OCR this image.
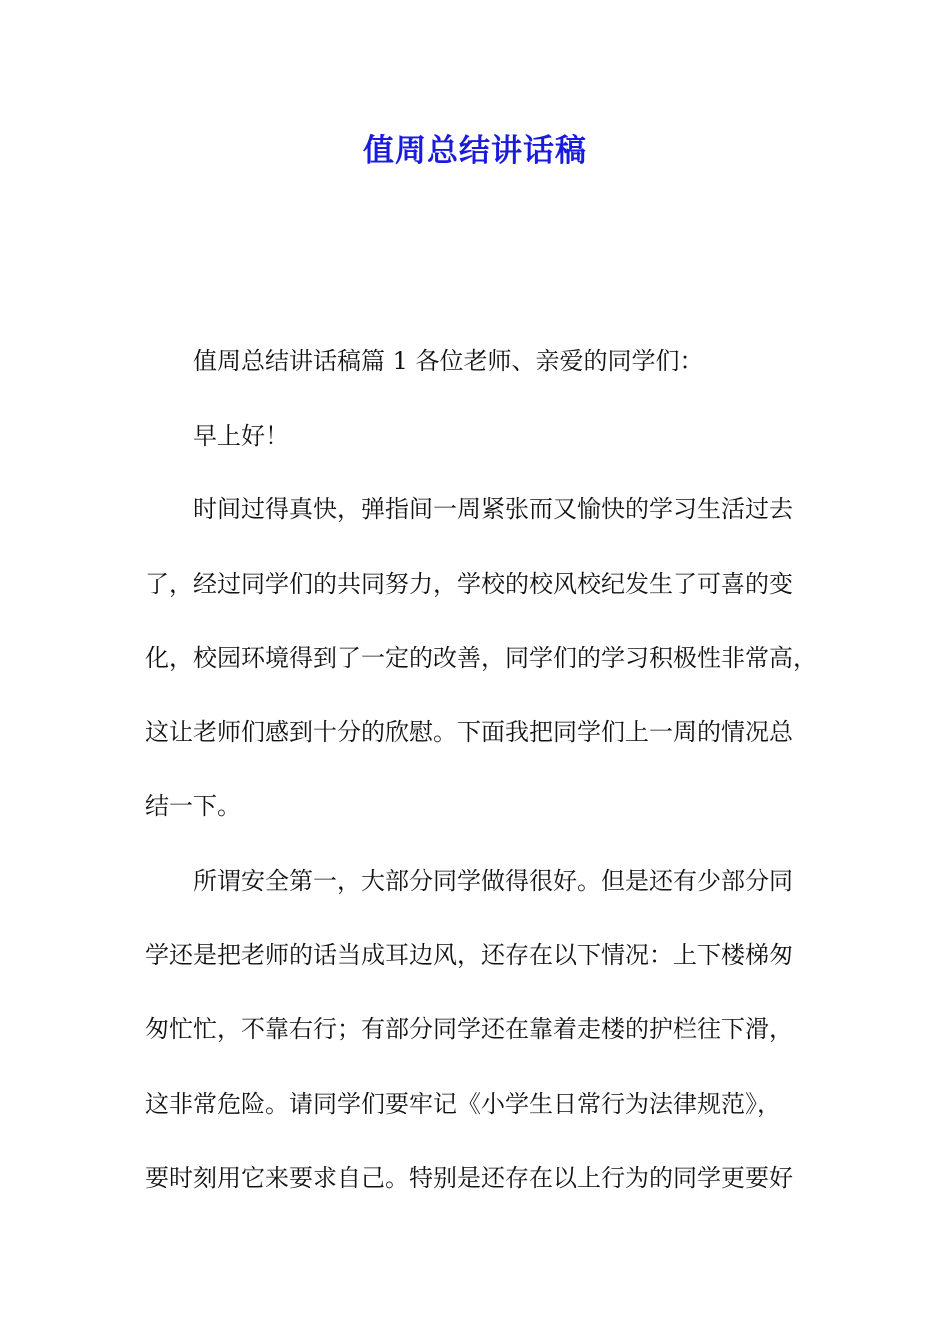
值周总结讲话稿
值周总结讲话稿篇 1 各位老师、亲爱的同学们：
早上好！
时间过得真快，弹指间一周紧张而又愉快的学习生活过去
了，经过同学们的共同努力，学校的校风校纪发生了可喜的变
化，校园环境得到了一定的改善，同学们的学习积极性非常高，
这让老师们感到十分的欣慰。下面我把同学们上一周的情况总
结一下。
所谓安全第一，大部分同学做得很好。但是还有少部分同
学还是把老师的话当成耳边风，还存在以下情况：上下楼梯匆
匆忙忙，不靠右行；有部分同学还在靠着走楼的护栏往下滑，
这非常危险。请同学们要牢记《小学生日常行为法律规范》，
要时刻用它来要求自己。特别是还存在以上行为的同学更要好
